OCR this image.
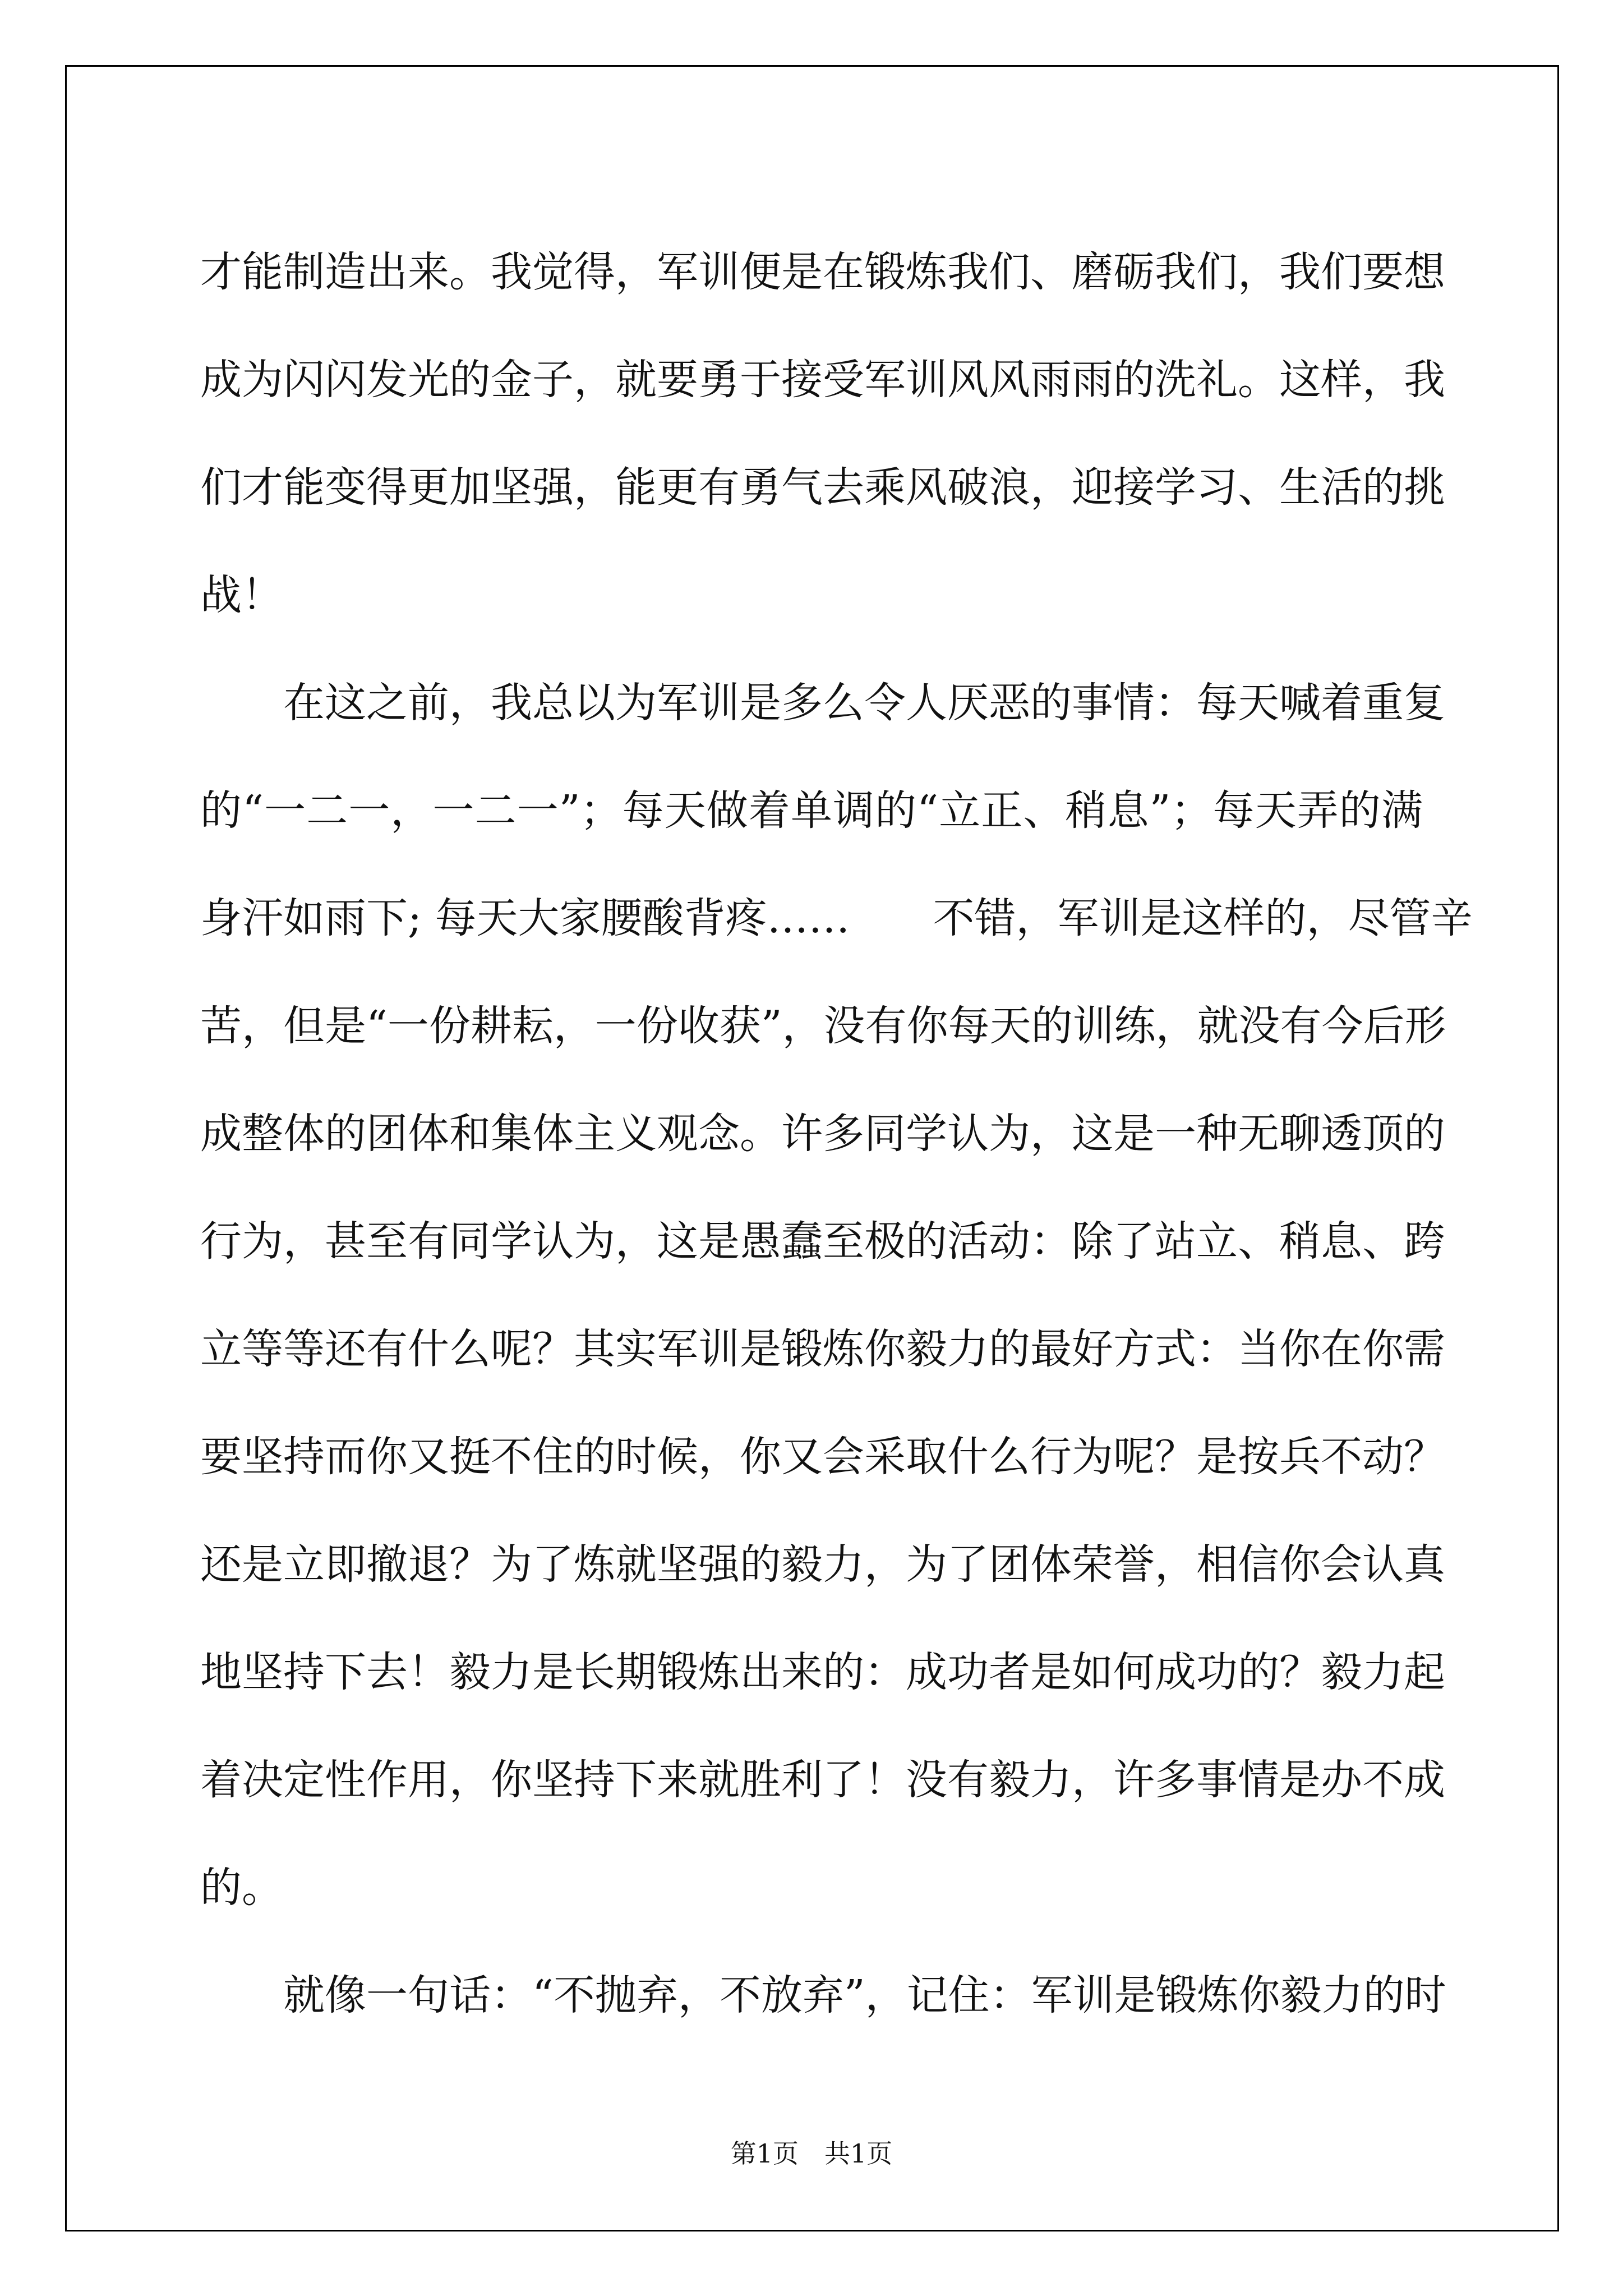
才能制造出来。我觉得，军训便是在锻炼我们、磨砺我们，我们要想
成为闪闪发光的金子，就要勇于接受军训风风雨雨的洗礼。这样，我
们才能变得更加坚强，能更有勇气去乘风破浪，迎接学习、生活的挑
战！
在这之前，我总以为军训是多么令人厌恶的事情：每天喊着重复
的“一二一，一二一”；每天做着单调的“立正、稍息”；每天弄的满
身汗如雨下; 每天大家腰酸背疼……　　不错，军训是这样的，尽管辛
苦，但是“一份耕耘，一份收获”，没有你每天的训练，就没有今后形
成整体的团体和集体主义观念。许多同学认为，这是一种无聊透顶的
行为，甚至有同学认为，这是愚蠢至极的活动：除了站立、稍息、跨
立等等还有什么呢？其实军训是锻炼你毅力的最好方式：当你在你需
要坚持而你又挺不住的时候，你又会采取什么行为呢？是按兵不动？
还是立即撤退？为了炼就坚强的毅力，为了团体荣誉，相信你会认真
地坚持下去！毅力是长期锻炼出来的：成功者是如何成功的？毅力起
着决定性作用，你坚持下来就胜利了！没有毅力，许多事情是办不成
的。
就像一句话：“不抛弃，不放弃”，记住：军训是锻炼你毅力的时
第1页　共1页
